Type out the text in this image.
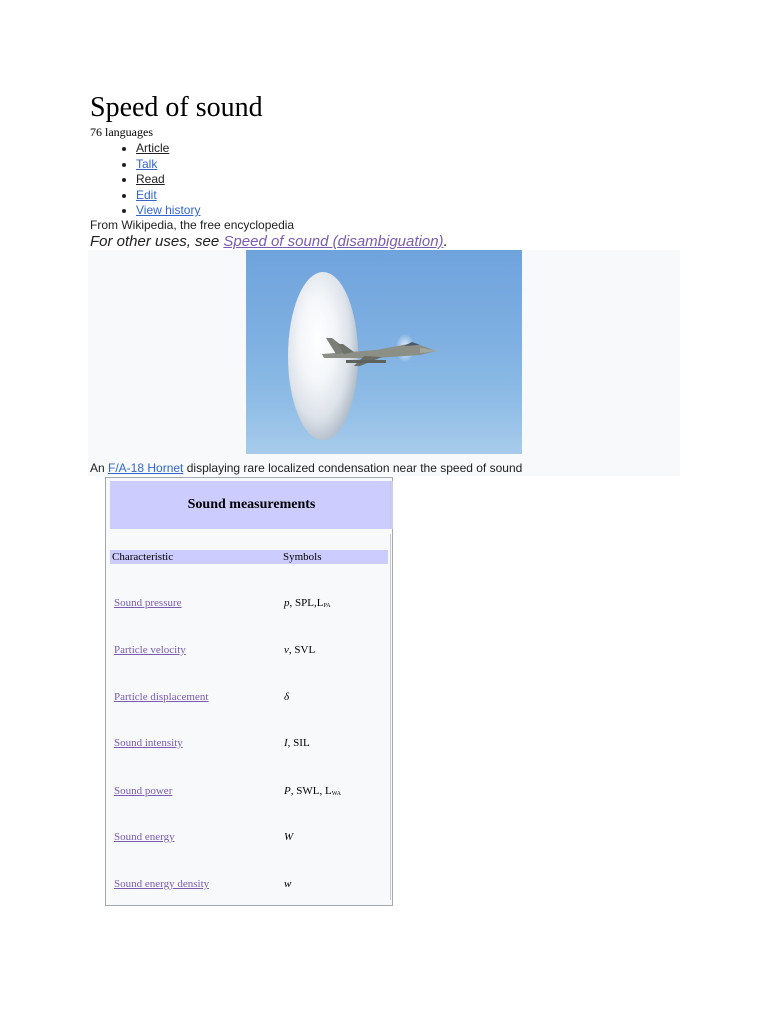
Speed of sound
76 languages
• Article
• Talk
• Read
• Edit
• View history
From Wikipedia, the free encyclopedia
For other uses, see Speed of sound (disambiguation).
An F/A-18 Hornet displaying rare localized condensation near the speed of sound
Sound measurements
Characteristic	Symbols
Sound pressure	p, $SPL,L_{PA}$
Particle velocity	v, SVL
Particle displacement	δ
Sound intensity	I, SIL
Sound power	P, SWL, $L_{WA}$
Sound energy	W
Sound energy density	w
